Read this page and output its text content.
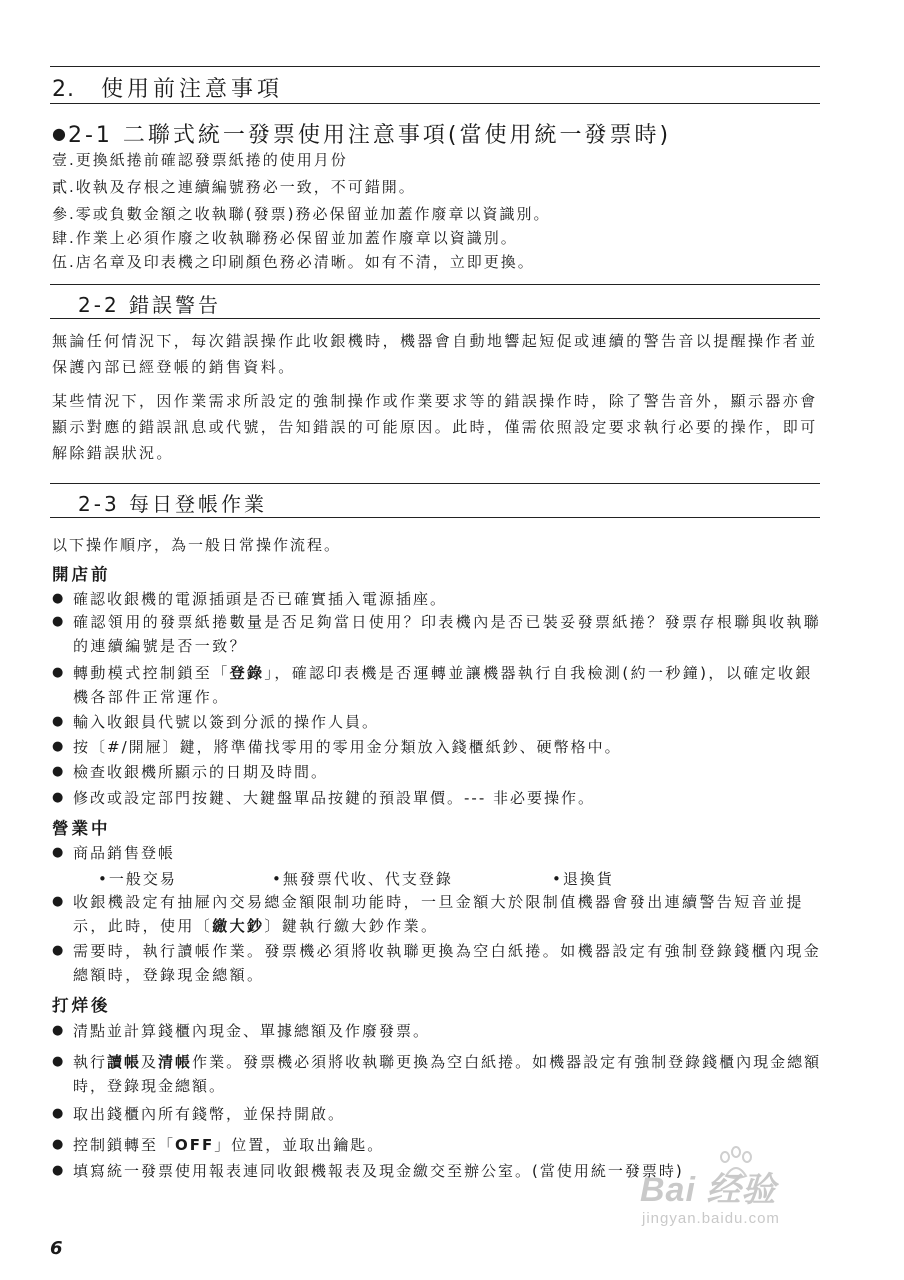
2. 使用前注意事項
●2-1 二聯式統一發票使用注意事項(當使用統一發票時)
壹.更換紙捲前確認發票紙捲的使用月份
貳.收執及存根之連續編號務必一致，不可錯開。
參.零或負數金額之收執聯(發票)務必保留並加蓋作廢章以資識別。
肆.作業上必須作廢之收執聯務必保留並加蓋作廢章以資識別。
伍.店名章及印表機之印刷顏色務必清晰。如有不清，立即更換。
2-2 錯誤警告
無論任何情況下，每次錯誤操作此收銀機時，機器會自動地響起短促或連續的警告音以提醒操作者並保護內部已經登帳的銷售資料。
某些情況下，因作業需求所設定的強制操作或作業要求等的錯誤操作時，除了警告音外，顯示器亦會顯示對應的錯誤訊息或代號，告知錯誤的可能原因。此時，僅需依照設定要求執行必要的操作，即可解除錯誤狀況。
2-3 每日登帳作業
以下操作順序，為一般日常操作流程。
開店前
● 確認收銀機的電源插頭是否已確實插入電源插座。
● 確認領用的發票紙捲數量是否足夠當日使用？印表機內是否已裝妥發票紙捲？發票存根聯與收執聯的連續編號是否一致？
● 轉動模式控制鎖至「登錄」，確認印表機是否運轉並讓機器執行自我檢測(約一秒鐘)，以確定收銀機各部件正常運作。
● 輸入收銀員代號以簽到分派的操作人員。
● 按〔#/開屜〕鍵，將準備找零用的零用金分類放入錢櫃紙鈔、硬幣格中。
● 檢查收銀機所顯示的日期及時間。
● 修改或設定部門按鍵、大鍵盤單品按鍵的預設單價。--- 非必要操作。
營業中
● 商品銷售登帳
•一般交易	•無發票代收、代支登錄	•退換貨
● 收銀機設定有抽屜內交易總金額限制功能時，一旦金額大於限制值機器會發出連續警告短音並提示，此時，使用〔繳大鈔〕鍵執行繳大鈔作業。
● 需要時，執行讀帳作業。發票機必須將收執聯更換為空白紙捲。如機器設定有強制登錄錢櫃內現金總額時，登錄現金總額。
打烊後
● 清點並計算錢櫃內現金、單據總額及作廢發票。
● 執行讀帳及清帳作業。發票機必須將收執聯更換為空白紙捲。如機器設定有強制登錄錢櫃內現金總額時，登錄現金總額。
● 取出錢櫃內所有錢幣，並保持開啟。
● 控制鎖轉至「OFF」位置，並取出鑰匙。
● 填寫統一發票使用報表連同收銀機報表及現金繳交至辦公室。(當使用統一發票時)
Bai 经验
jingyan.baidu.com
6
